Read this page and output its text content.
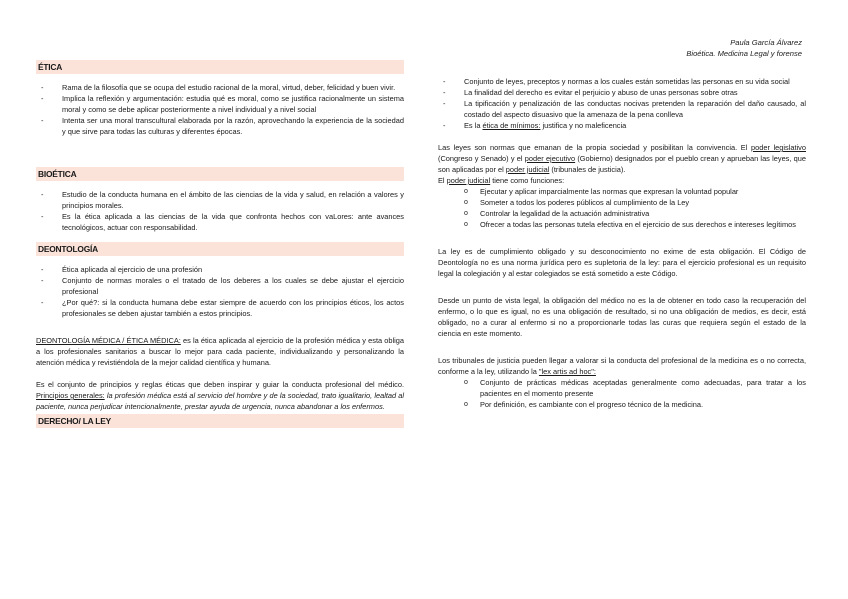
Paula García Álvarez
Bioética. Medicina Legal y forense
ÉTICA
- Rama de la filosofía que se ocupa del estudio racional de la moral, virtud, deber, felicidad y buen vivir.
- Implica la reflexión y argumentación: estudia qué es moral, como se justifica racionalmente un sistema moral y como se debe aplicar posteriormente a nivel individual y a nivel social
- Intenta ser una moral transcultural elaborada por la razón, aprovechando la experiencia de la sociedad y que sirve para todas las culturas y diferentes épocas.
BIOÉTICA
- Estudio de la conducta humana en el ámbito de las ciencias de la vida y salud, en relación a valores y principios morales.
- Es la ética aplicada a las ciencias de la vida que confronta hechos con vaLores: ante avances tecnológicos, actuar con responsabilidad.
DEONTOLOGÍA
- Ética aplicada al ejercicio de una profesión
- Conjunto de normas morales o el tratado de los deberes a los cuales se debe ajustar el ejercicio profesional
- ¿Por qué?: si la conducta humana debe estar siempre de acuerdo con los principios éticos, los actos profesionales se deben ajustar también a estos principios.

DEONTOLOGÍA MÉDICA / ÉTICA MÉDICA: es la ética aplicada al ejercicio de la profesión médica y esta obliga a los profesionales sanitarios a buscar lo mejor para cada paciente, individualizando y personalizando la atención médica y revistiéndola de la mejor calidad científica y humana.

Es el conjunto de principios y reglas éticas que deben inspirar y guiar la conducta profesional del médico. Principios generales: la profesión médica está al servicio del hombre y de la sociedad, trato igualitario, lealtad al paciente, nunca perjudicar intencionalmente, prestar ayuda de urgencia, nunca abandonar a los enfermos.

DERECHO/ LA LEY
- Conjunto de leyes, preceptos y normas a los cuales están sometidas las personas en su vida social
- La finalidad del derecho es evitar el perjuicio y abuso de unas personas sobre otras
- La tipificación y penalización de las conductas nocivas pretenden la reparación del daño causado, al costado del aspecto disuasivo que la amenaza de la pena conlleva
- Es la ética de mínimos: justifica y no maleficencia

Las leyes son normas que emanan de la propia sociedad y posibilitan la convivencia. El poder legislativo (Congreso y Senado) y el poder ejecutivo (Gobierno) designados por el pueblo crean y aprueban las leyes, que son aplicadas por el poder judicial (tribunales de justicia).

El poder judicial tiene como funciones:

o Ejecutar y aplicar imparcialmente las normas que expresan la voluntad popular
o Someter a todos los poderes públicos al cumplimiento de la Ley
o Controlar la legalidad de la actuación administrativa
o Ofrecer a todas las personas tutela efectiva en el ejercicio de sus derechos e intereses legítimos

La ley es de cumplimiento obligado y su desconocimiento no exime de esta obligación. El Código de Deontología no es una norma jurídica pero es supletoria de la ley: para el ejercicio profesional es un requisito legal la colegiación y al estar colegiados se está sometido a este Código.

Desde un punto de vista legal, la obligación del médico no es la de obtener en todo caso la recuperación del enfermo, o lo que es igual, no es una obligación de resultado, si no una obligación de medios, es decir, está obligado, no a curar al enfermo si no a proporcionarle todas las curas que requiera según el estado de la ciencia en este momento.

Los tribunales de justicia pueden llegar a valorar si la conducta del profesional de la medicina es o no correcta, conforme a la ley, utilizando la "lex artis ad hoc":

o Conjunto de prácticas médicas aceptadas generalmente como adecuadas, para tratar a los pacientes en el momento presente
o Por definición, es cambiante con el progreso técnico de la medicina.
